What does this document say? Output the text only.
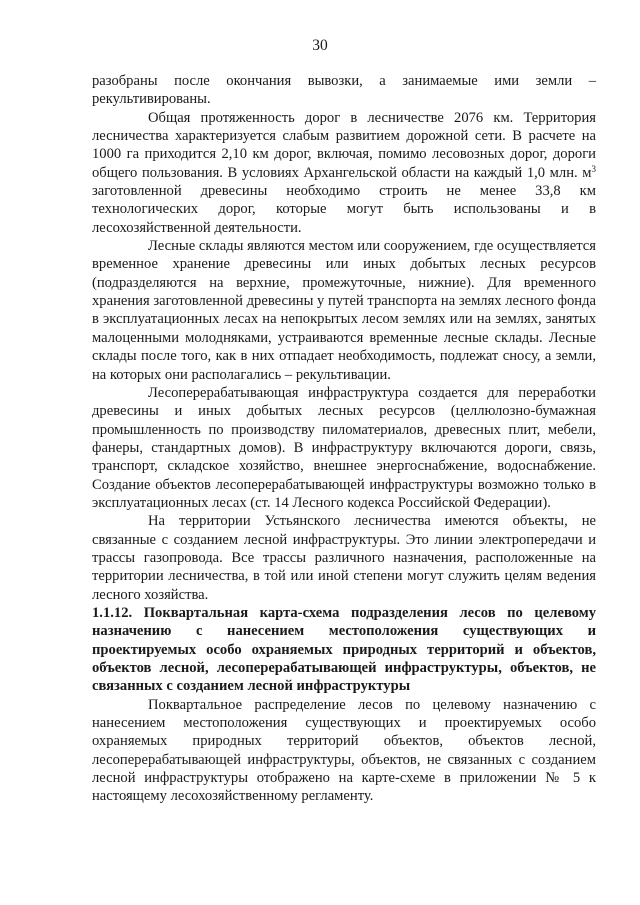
30

разобраны после окончания вывозки, а занимаемые ими земли – рекультивированы.

Общая протяженность дорог в лесничестве 2076 км. Территория лесничества характеризуется слабым развитием дорожной сети. В расчете на 1000 га приходится 2,10 км дорог, включая, помимо лесовозных дорог, дороги общего пользования. В условиях Архангельской области на каждый 1,0 млн. $м^3$ заготовленной древесины необходимо строить не менее 33,8 км технологических дорог, которые могут быть использованы и в лесохозяйственной деятельности.

Лесные склады являются местом или сооружением, где осуществляется временное хранение древесины или иных добытых лесных ресурсов (подразделяются на верхние, промежуточные, нижние). Для временного хранения заготовленной древесины у путей транспорта на землях лесного фонда в эксплуатационных лесах на непокрытых лесом землях или на землях, занятых малоценными молодняками, устраиваются временные лесные склады. Лесные склады после того, как в них отпадает необходимость, подлежат сносу, а земли, на которых они располагались – рекультивации.

Лесоперерабатывающая инфраструктура создается для переработки древесины и иных добытых лесных ресурсов (целлюлозно-бумажная промышленность по производству пиломатериалов, древесных плит, мебели, фанеры, стандартных домов). В инфраструктуру включаются дороги, связь, транспорт, складское хозяйство, внешнее энергоснабжение, водоснабжение. Создание объектов лесоперерабатывающей инфраструктуры возможно только в эксплуатационных лесах (ст. 14 Лесного кодекса Российской Федерации).

На территории Устьянского лесничества имеются объекты, не связанные с созданием лесной инфраструктуры. Это линии электропередачи и трассы газопровода. Все трассы различного назначения, расположенные на территории лесничества, в той или иной степени могут служить целям ведения лесного хозяйства.

1.1.12. Поквартальная карта-схема подразделения лесов по целевому назначению с нанесением местоположения существующих и проектируемых особо охраняемых природных территорий и объектов, объектов лесной, лесоперерабатывающей инфраструктуры, объектов, не связанных с созданием лесной инфраструктуры

Поквартальное распределение лесов по целевому назначению с нанесением местоположения существующих и проектируемых особо охраняемых природных территорий объектов, объектов лесной, лесоперерабатывающей инфраструктуры, объектов, не связанных с созданием лесной инфраструктуры отображено на карте-схеме в приложении № 5 к настоящему лесохозяйственному регламенту.
